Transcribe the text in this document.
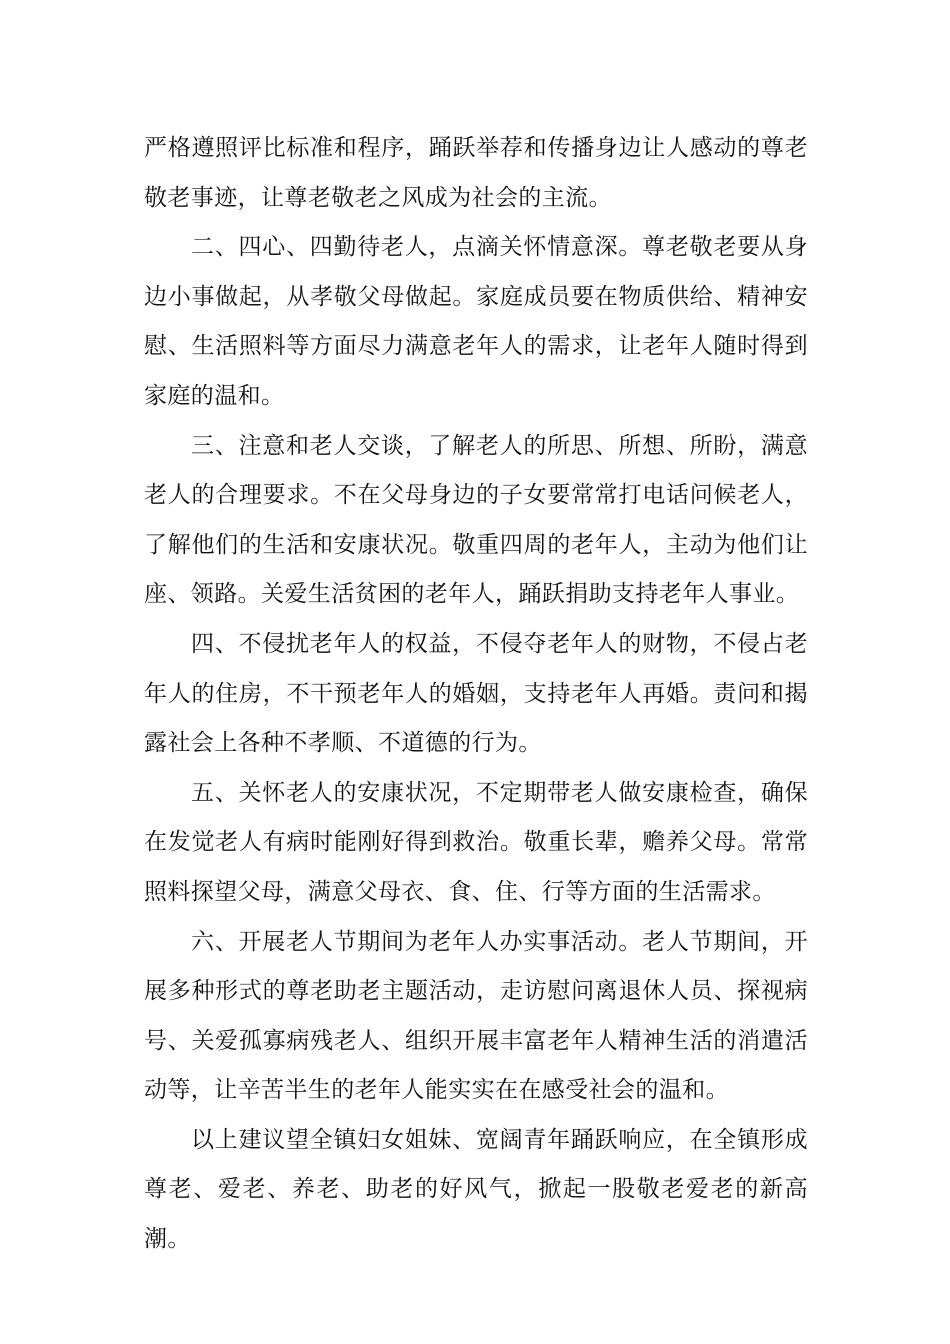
严格遵照评比标准和程序，踊跃举荐和传播身边让人感动的尊老敬老事迹，让尊老敬老之风成为社会的主流。

二、四心、四勤待老人，点滴关怀情意深。尊老敬老要从身边小事做起，从孝敬父母做起。家庭成员要在物质供给、精神安慰、生活照料等方面尽力满意老年人的需求，让老年人随时得到家庭的温和。

三、注意和老人交谈，了解老人的所思、所想、所盼，满意老人的合理要求。不在父母身边的子女要常常打电话问候老人，了解他们的生活和安康状况。敬重四周的老年人，主动为他们让座、领路。关爱生活贫困的老年人，踊跃捐助支持老年人事业。

四、不侵扰老年人的权益，不侵夺老年人的财物，不侵占老年人的住房，不干预老年人的婚姻，支持老年人再婚。责问和揭露社会上各种不孝顺、不道德的行为。

五、关怀老人的安康状况，不定期带老人做安康检查，确保在发觉老人有病时能刚好得到救治。敬重长辈，赡养父母。常常照料探望父母，满意父母衣、食、住、行等方面的生活需求。

六、开展老人节期间为老年人办实事活动。老人节期间，开展多种形式的尊老助老主题活动，走访慰问离退休人员、探视病号、关爱孤寡病残老人、组织开展丰富老年人精神生活的消遣活动等，让辛苦半生的老年人能实实在在感受社会的温和。

以上建议望全镇妇女姐妹、宽阔青年踊跃响应，在全镇形成尊老、爱老、养老、助老的好风气，掀起一股敬老爱老的新高潮。
